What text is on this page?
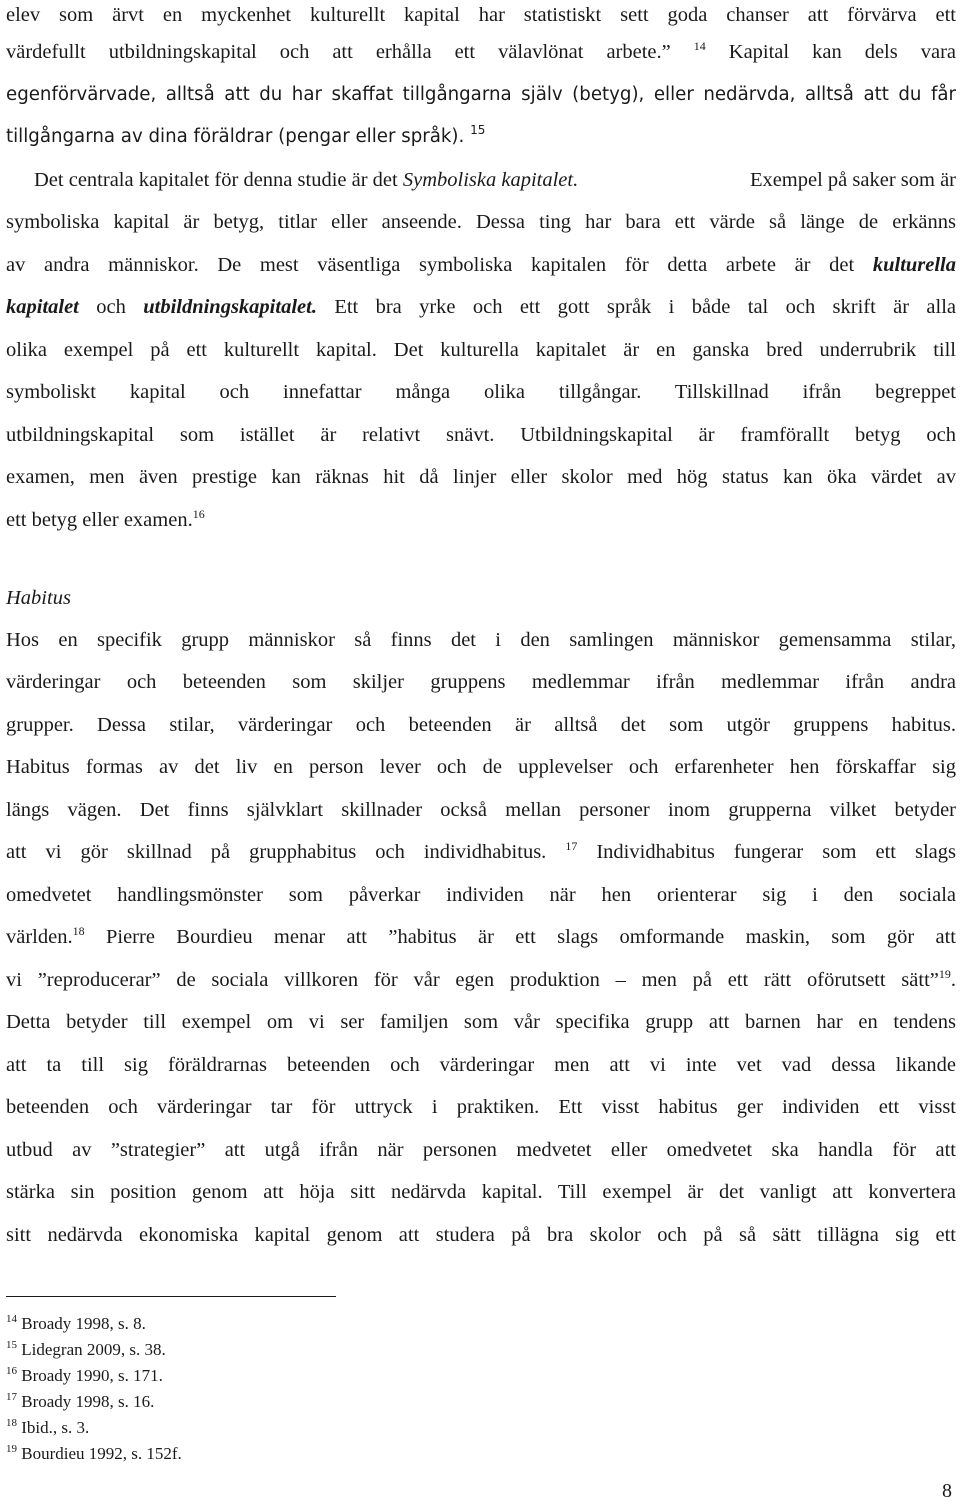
elev som ärvt en myckenhet kulturellt kapital har statistiskt sett goda chanser att förvärva ett
värdefullt utbildningskapital och att erhålla ett välavlönat arbete.” $^{14}$ Kapital kan dels vara
egenförvärvade, alltså att du har skaffat tillgångarna själv (betyg), eller nedärvda, alltså att du får
tillgångarna av dina föräldrar (pengar eller språk). $^{15}$
Det centrala kapitalet för denna studie är det Symboliska kapitalet.	Exempel på saker som är
symboliska kapital är betyg, titlar eller anseende. Dessa ting har bara ett värde så länge de erkänns
av andra människor. De mest väsentliga symboliska kapitalen för detta arbete är det kulturella
kapitalet och utbildningskapitalet. Ett bra yrke och ett gott språk i både tal och skrift är alla
olika exempel på ett kulturellt kapital. Det kulturella kapitalet är en ganska bred underrubrik till
symboliskt kapital och innefattar många olika tillgångar. Tillskillnad ifrån begreppet
utbildningskapital som istället är relativt snävt. Utbildningskapital är framförallt betyg och
examen, men även prestige kan räknas hit då linjer eller skolor med hög status kan öka värdet av
ett betyg eller examen.$^{16}$
Habitus
Hos en specifik grupp människor så finns det i den samlingen människor gemensamma stilar,
värderingar och beteenden som skiljer gruppens medlemmar ifrån medlemmar ifrån andra
grupper. Dessa stilar, värderingar och beteenden är alltså det som utgör gruppens habitus.
Habitus formas av det liv en person lever och de upplevelser och erfarenheter hen förskaffar sig
längs vägen. Det finns självklart skillnader också mellan personer inom grupperna vilket betyder
att vi gör skillnad på grupphabitus och individhabitus. $^{17}$ Individhabitus fungerar som ett slags
omedvetet handlingsmönster som påverkar individen när hen orienterar sig i den sociala
världen.$^{18}$ Pierre Bourdieu menar att ”habitus är ett slags omformande maskin, som gör att
vi ”reproducerar” de sociala villkoren för vår egen produktion – men på ett rätt oförutsett sätt”$^{19}$.
Detta betyder till exempel om vi ser familjen som vår specifika grupp att barnen har en tendens
att ta till sig föräldrarnas beteenden och värderingar men att vi inte vet vad dessa likande
beteenden och värderingar tar för uttryck i praktiken. Ett visst habitus ger individen ett visst
utbud av ”strategier” att utgå ifrån när personen medvetet eller omedvetet ska handla för att
stärka sin position genom att höja sitt nedärvda kapital. Till exempel är det vanligt att konvertera
sitt nedärvda ekonomiska kapital genom att studera på bra skolor och på så sätt tillägna sig ett
$^{14}$ Broady 1998, s. 8.
$^{15}$ Lidegran 2009, s. 38.
$^{16}$ Broady 1990, s. 171.
$^{17}$ Broady 1998, s. 16.
$^{18}$ Ibid., s. 3.
$^{19}$ Bourdieu 1992, s. 152f.
8
